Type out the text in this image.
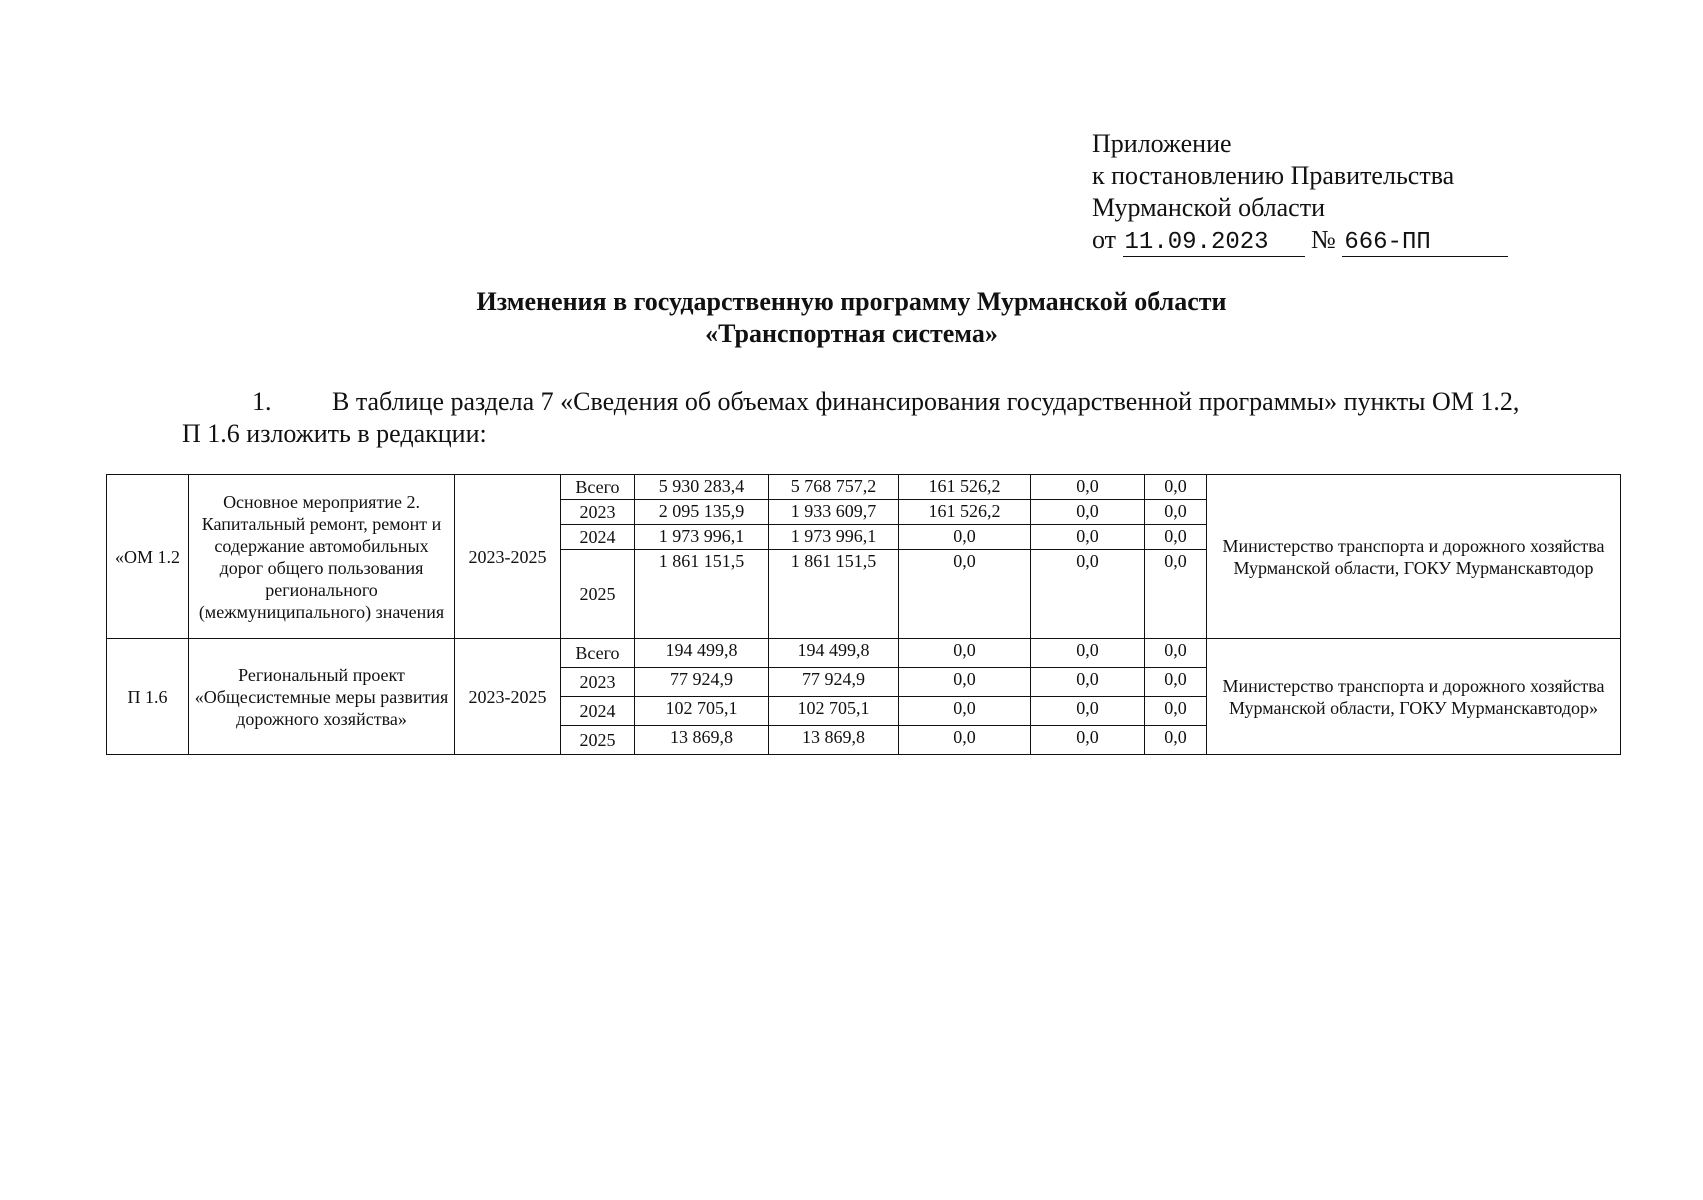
Приложение
к постановлению Правительства
Мурманской области
от 11.09.2023 № 666-ПП
Изменения в государственную программу Мурманской области
«Транспортная система»
1. В таблице раздела 7 «Сведения об объемах финансирования государственной программы» пункты ОМ 1.2, П 1.6 изложить в редакции:
«ОМ 1.2	Основное мероприятие 2. Капитальный ремонт, ремонт и содержание автомобильных дорог общего пользования регионального (межмуниципального) значения	2023-2025	Всего	5 930 283,4	5 768 757,2	161 526,2	0,0	0,0	Министерство транспорта и дорожного хозяйства Мурманской области, ГОКУ Мурманскавтодор
			2023	2 095 135,9	1 933 609,7	161 526,2	0,0	0,0	
			2024	1 973 996,1	1 973 996,1	0,0	0,0	0,0	
			2025	1 861 151,5	1 861 151,5	0,0	0,0	0,0	
П 1.6	Региональный проект «Общесистемные меры развития дорожного хозяйства»	2023-2025	Всего	194 499,8	194 499,8	0,0	0,0	0,0	Министерство транспорта и дорожного хозяйства Мурманской области, ГОКУ Мурманскавтодор»
			2023	77 924,9	77 924,9	0,0	0,0	0,0	
			2024	102 705,1	102 705,1	0,0	0,0	0,0	
			2025	13 869,8	13 869,8	0,0	0,0	0,0	
